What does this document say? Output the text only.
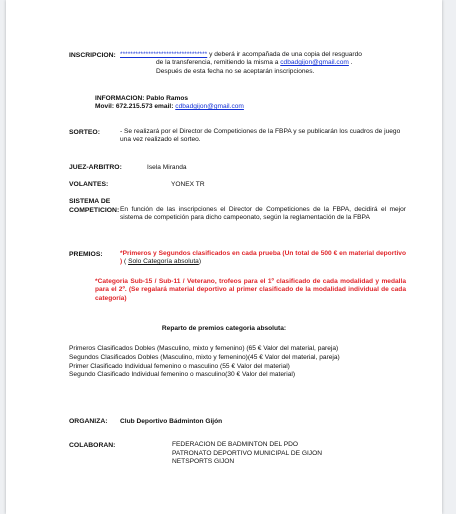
INSCRIPCION: ********************************** y deberá ir acompañada de una copia del resguardo
de la transferencia, remitiendo la misma a cdbadgijon@gmail.com .
Después de esta fecha no se aceptarán inscripciones.
INFORMACION: Pablo Ramos
Movil: 672.215.573 email: cdbadgijon@gmail.com
SORTEO:	- Se realizará por el Director de Competiciones de la FBPA y se publicarán los cuadros de juego una vez realizado el sorteo.
JUEZ-ARBITRO:	Isela Miranda
VOLANTES:	YONEX TR
SISTEMA DE
COMPETICION: En función de las inscripciones el Director de Competiciones de la FBPA, decidirá el mejor sistema de competición para dicho campeonato, según la reglamentación de la FBPA
PREMIOS:	*Primeros y Segundos clasificados en cada prueba (Un total de 500 € en material deportivo ) ( Solo Categoría absoluta)
*Categoria Sub-15 / Sub-11 / Veterano, trofeos para el 1º clasificado de cada modalidad y medalla para el 2º. (Se regalará material deportivo al primer clasificado de la modalidad individual de cada categoría)
Reparto de premios categoria absoluta:
Primeros Clasificados Dobles (Masculino, mixto y femenino) (65 € Valor del material, pareja)
Segundos Clasificados Dobles (Masculino, mixto y femenino)(45 € Valor del material, pareja)
Primer Clasificado Individual femenino o masculino (55 € Valor del material)
Segundo Clasificado Individual femenino o masculino(30 € Valor del material)
ORGANIZA: Club Deportivo Bádminton Gijón
COLABORAN:	FEDERACION DE BADMINTON DEL PDO
PATRONATO DEPORTIVO MUNICIPAL DE GIJON
NETSPORTS GIJON
